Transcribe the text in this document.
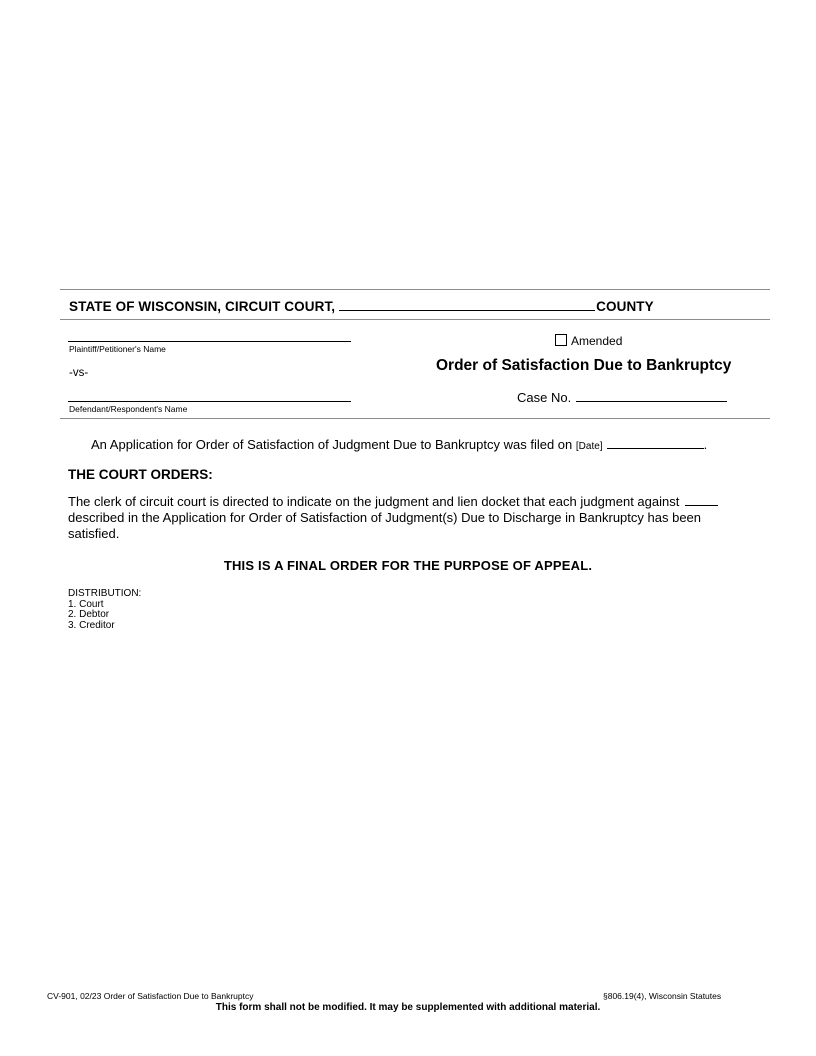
STATE OF WISCONSIN, CIRCUIT COURT,	COUNTY
Plaintiff/Petitioner's Name
-vs-
Defendant/Respondent's Name
Amended
Order of Satisfaction Due to Bankruptcy
Case No.
An Application for Order of Satisfaction of Judgment Due to Bankruptcy was filed on [Date]	.
THE COURT ORDERS:
The clerk of circuit court is directed to indicate on the judgment and lien docket that each judgment against described in the Application for Order of Satisfaction of Judgment(s) Due to Discharge in Bankruptcy has been satisfied.
THIS IS A FINAL ORDER FOR THE PURPOSE OF APPEAL.
DISTRIBUTION:
1. Court
2. Debtor
3. Creditor
CV-901, 02/23 Order of Satisfaction Due to Bankruptcy	§806.19(4), Wisconsin Statutes
This form shall not be modified. It may be supplemented with additional material.
